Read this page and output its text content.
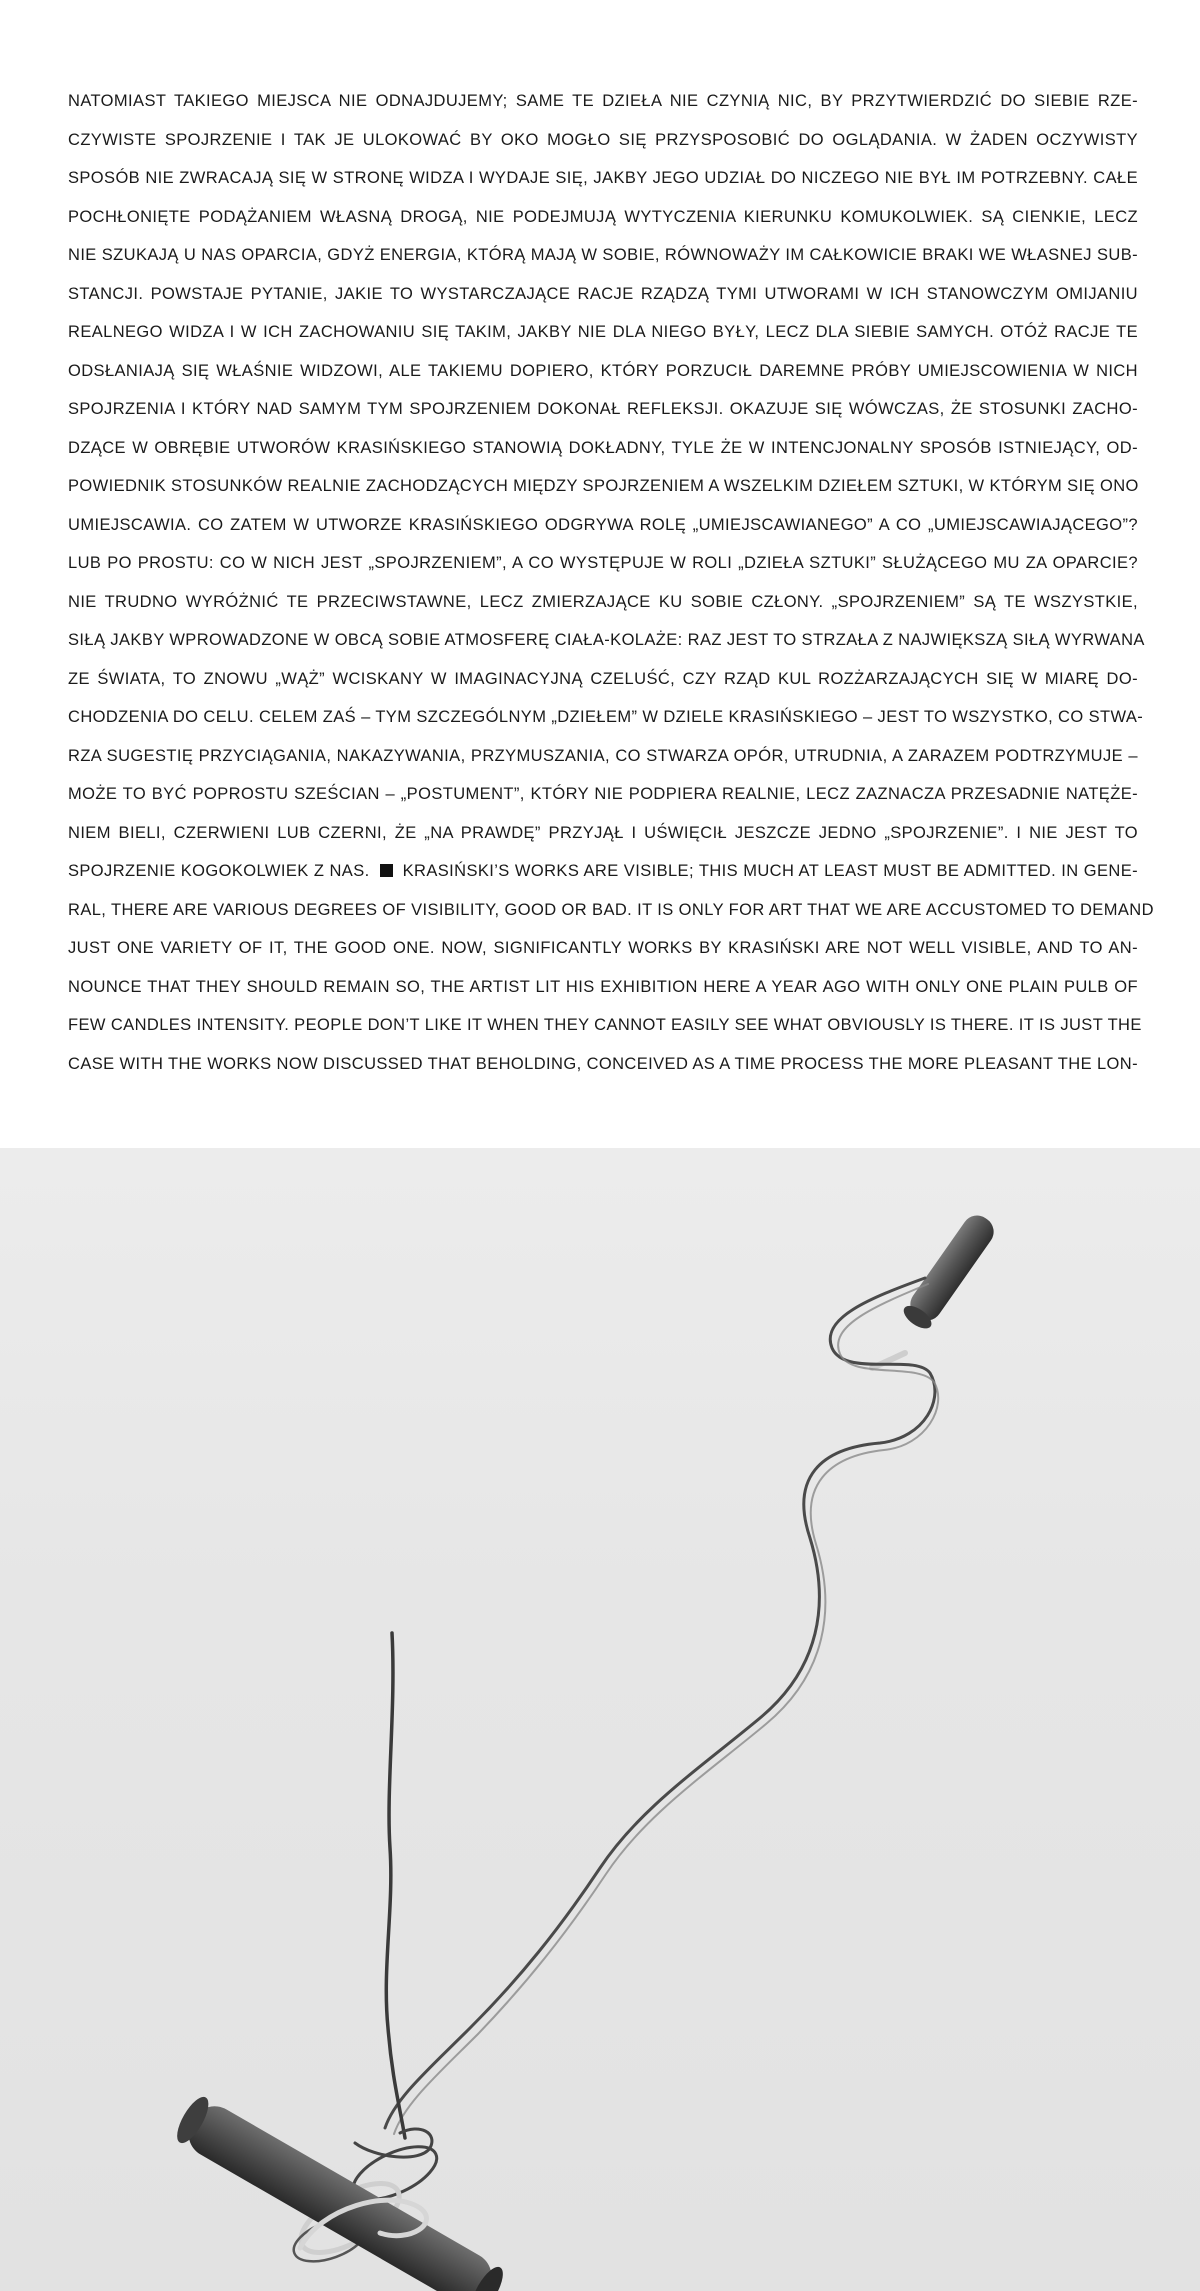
NATOMIAST TAKIEGO MIEJSCA NIE ODNAJDUJEMY; SAME TE DZIEŁA NIE CZYNIĄ NIC, BY PRZYTWIERDZIĆ DO SIEBIE RZE-
CZYWISTE SPOJRZENIE I TAK JE ULOKOWAĆ BY OKO MOGŁO SIĘ PRZYSPOSOBIĆ DO OGLĄDANIA. W ŻADEN OCZYWISTY
SPOSÓB NIE ZWRACAJĄ SIĘ W STRONĘ WIDZA I WYDAJE SIĘ, JAKBY JEGO UDZIAŁ DO NICZEGO NIE BYŁ IM POTRZEBNY. CAŁE
POCHŁONIĘTE PODĄŻANIEM WŁASNĄ DROGĄ, NIE PODEJMUJĄ WYTYCZENIA KIERUNKU KOMUKOLWIEK. SĄ CIENKIE, LECZ
NIE SZUKAJĄ U NAS OPARCIA, GDYŻ ENERGIA, KTÓRĄ MAJĄ W SOBIE, RÓWNOWAŻY IM CAŁKOWICIE BRAKI WE WŁASNEJ SUB-
STANCJI. POWSTAJE PYTANIE, JAKIE TO WYSTARCZAJĄCE RACJE RZĄDZĄ TYMI UTWORAMI W ICH STANOWCZYM OMIJANIU
REALNEGO WIDZA I W ICH ZACHOWANIU SIĘ TAKIM, JAKBY NIE DLA NIEGO BYŁY, LECZ DLA SIEBIE SAMYCH. OTÓŻ RACJE TE
ODSŁANIAJĄ SIĘ WŁAŚNIE WIDZOWI, ALE TAKIEMU DOPIERO, KTÓRY PORZUCIŁ DAREMNE PRÓBY UMIEJSCOWIENIA W NICH
SPOJRZENIA I KTÓRY NAD SAMYM TYM SPOJRZENIEM DOKONAŁ REFLEKSJI. OKAZUJE SIĘ WÓWCZAS, ŻE STOSUNKI ZACHO-
DZĄCE W OBRĘBIE UTWORÓW KRASIŃSKIEGO STANOWIĄ DOKŁADNY, TYLE ŻE W INTENCJONALNY SPOSÓB ISTNIEJĄCY, OD-
POWIEDNIK STOSUNKÓW REALNIE ZACHODZĄCYCH MIĘDZY SPOJRZENIEM A WSZELKIM DZIEŁEM SZTUKI, W KTÓRYM SIĘ ONO
UMIEJSCAWIA. CO ZATEM W UTWORZE KRASIŃSKIEGO ODGRYWA ROLĘ „UMIEJSCAWIANEGO” A CO „UMIEJSCAWIAJĄCEGO”?
LUB PO PROSTU: CO W NICH JEST „SPOJRZENIEM”, A CO WYSTĘPUJE W ROLI „DZIEŁA SZTUKI” SŁUŻĄCEGO MU ZA OPARCIE?
NIE TRUDNO WYRÓŻNIĆ TE PRZECIWSTAWNE, LECZ ZMIERZAJĄCE KU SOBIE CZŁONY. „SPOJRZENIEM” SĄ TE WSZYSTKIE,
SIŁĄ JAKBY WPROWADZONE W OBCĄ SOBIE ATMOSFERĘ CIAŁA-KOLAŻE: RAZ JEST TO STRZAŁA Z NAJWIĘKSZĄ SIŁĄ WYRWANA
ZE ŚWIATA, TO ZNOWU „WĄŻ” WCISKANY W IMAGINACYJNĄ CZELUŚĆ, CZY RZĄD KUL ROZŻARZAJĄCYCH SIĘ W MIARĘ DO-
CHODZENIA DO CELU. CELEM ZAŚ – TYM SZCZEGÓLNYM „DZIEŁEM” W DZIELE KRASIŃSKIEGO – JEST TO WSZYSTKO, CO STWA-
RZA SUGESTIĘ PRZYCIĄGANIA, NAKAZYWANIA, PRZYMUSZANIA, CO STWARZA OPÓR, UTRUDNIA, A ZARAZEM PODTRZYMUJE –
MOŻE TO BYĆ POPROSTU SZEŚCIAN – „POSTUMENT”, KTÓRY NIE PODPIERA REALNIE, LECZ ZAZNACZA PRZESADNIE NATĘŻE-
NIEM BIELI, CZERWIENI LUB CZERNI, ŻE „NA PRAWDĘ” PRZYJĄŁ I UŚWIĘCIŁ JESZCZE JEDNO „SPOJRZENIE”. I NIE JEST TO
SPOJRZENIE KOGOKOLWIEK Z NAS. KRASIŃSKI’S WORKS ARE VISIBLE; THIS MUCH AT LEAST MUST BE ADMITTED. IN GENE-
RAL, THERE ARE VARIOUS DEGREES OF VISIBILITY, GOOD OR BAD. IT IS ONLY FOR ART THAT WE ARE ACCUSTOMED TO DEMAND
JUST ONE VARIETY OF IT, THE GOOD ONE. NOW, SIGNIFICANTLY WORKS BY KRASIŃSKI ARE NOT WELL VISIBLE, AND TO AN-
NOUNCE THAT THEY SHOULD REMAIN SO, THE ARTIST LIT HIS EXHIBITION HERE A YEAR AGO WITH ONLY ONE PLAIN PULB OF
FEW CANDLES INTENSITY. PEOPLE DON’T LIKE IT WHEN THEY CANNOT EASILY SEE WHAT OBVIOUSLY IS THERE. IT IS JUST THE
CASE WITH THE WORKS NOW DISCUSSED THAT BEHOLDING, CONCEIVED AS A TIME PROCESS THE MORE PLEASANT THE LON-
